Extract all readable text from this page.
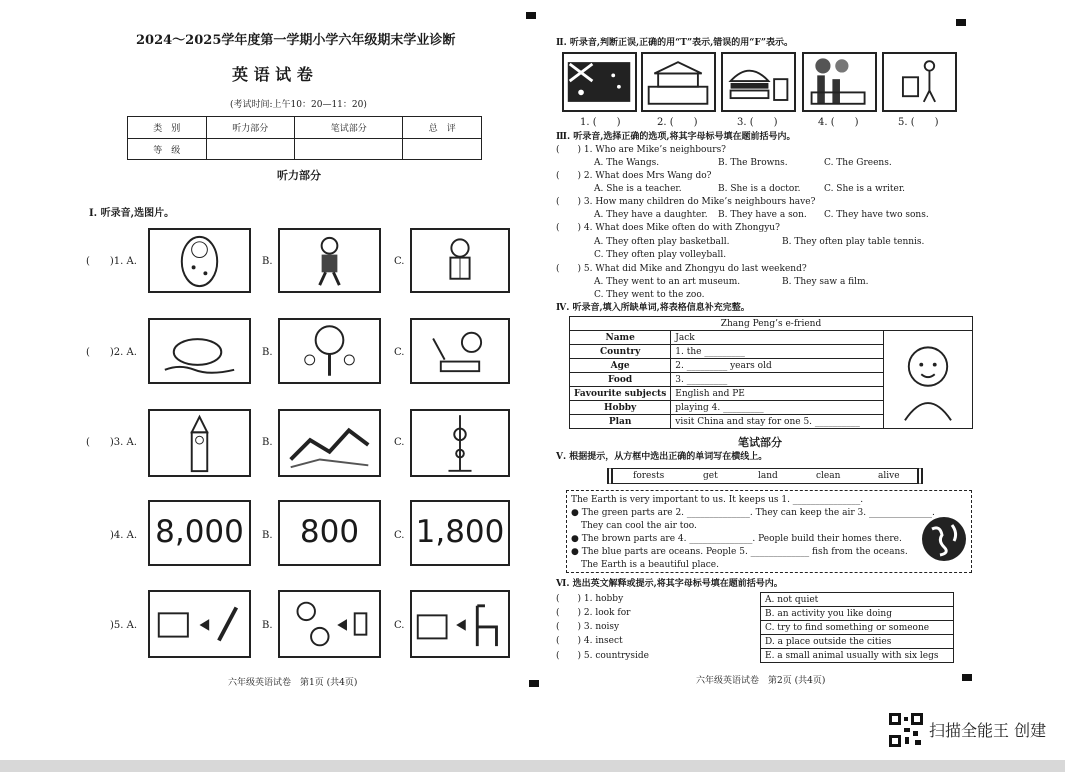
2024～2025学年度第一学期小学六年级期末学业诊断
英 语 试 卷
(考试时间:上午10：20—11：20)
类　别	听力部分	笔试部分	总　评
等　级			
听力部分
Ⅰ. 听录音,选图片。
(　　)1. A.
(　　)2. A.
(　　)3. A.
)4. A.
)5. A.
B.
B.
B.
B.
B.
C.
C.
C.
C.
C.
8,000	800	1,800
六年级英语试卷　第1页 (共4页)
Ⅱ. 听录音,判断正误,正确的用“T”表示,错误的用“F”表示。
1. (　　)	2. (　　)	3. (　　)	4. (　　)	5. (　　)
Ⅲ. 听录音,选择正确的选项,将其字母标号填在题前括号内。
(　　) 1. Who are Mike’s neighbours?
A. The Wangs.	B. The Browns.	C. The Greens.
(　　) 2. What does Mrs Wang do?
A. She is a teacher.	B. She is a doctor.	C. She is a writer.
(　　) 3. How many children do Mike’s neighbours have?
A. They have a daughter. B. They have a son. C. They have two sons.
(　　) 4. What does Mike often do with Zhongyu?
A. They often play basketball.	B. They often play table tennis.
C. They often play volleyball.
(　　) 5. What did Mike and Zhongyu do last weekend?
A. They went to an art museum.	B. They saw a film.
C. They went to the zoo.
Ⅳ. 听录音,填入所缺单词,将表格信息补充完整。
Zhang Peng’s e-friend		
Name	Jack	

Country	1. the _________	
Age	2. _________ years old	
Food	3. _________	
Favourite subjects	English and PE	
Hobby	playing 4. _________	
Plan	visit China and stay for one 5. __________	
笔试部分
Ⅴ. 根据提示，从方框中选出正确的单词写在横线上。
forests	get	land	clean	alive
The Earth is very important to us. It keeps us 1. _______________.
● The green parts are 2. ______________. They can keep the air 3. ______________.
They can cool the air too.
● The brown parts are 4. ______________. People build their homes there.
● The blue parts are oceans. People 5. _____________ fish from the oceans.
The Earth is a beautiful place.
Ⅵ. 选出英文解释或提示,将其字母标号填在题前括号内。
(　　) 1. hobby
(　　) 2. look for
(　　) 3. noisy
(　　) 4. insect
(　　) 5. countryside
A. not quiet
B. an activity you like doing
C. try to find something or someone
D. a place outside the cities
E. a small animal usually with six legs
六年级英语试卷　第2页 (共4页)
扫描全能王 创建
